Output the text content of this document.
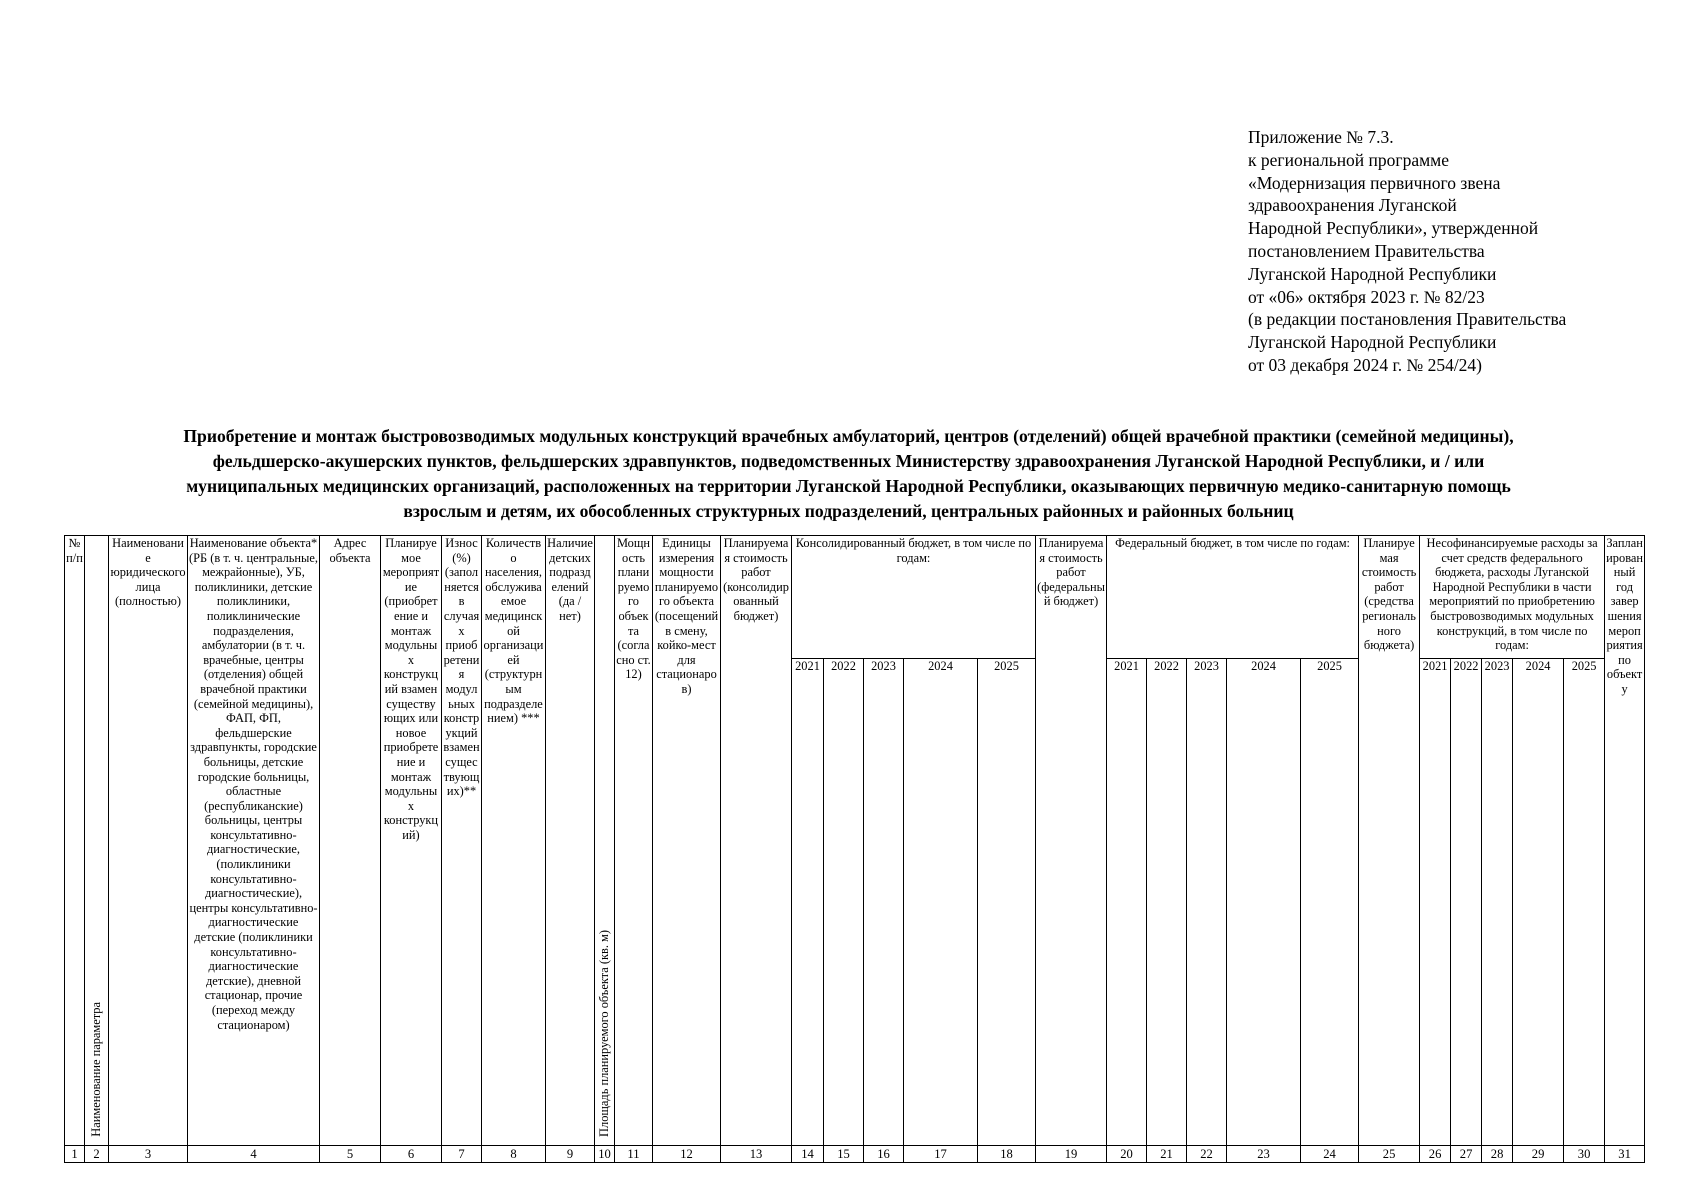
Приложение № 7.3.
к региональной программе
«Модернизация первичного звена
здравоохранения Луганской
Народной Республики», утвержденной
постановлением Правительства
Луганской Народной Республики
от «06» октября 2023 г. № 82/23
(в редакции постановления Правительства
Луганской Народной Республики
от 03 декабря 2024 г. № 254/24)
Приобретение и монтаж быстровозводимых модульных конструкций врачебных амбулаторий, центров (отделений) общей врачебной практики (семейной медицины),
фельдшерско-акушерских пунктов, фельдшерских здравпунктов, подведомственных Министерству здравоохранения Луганской Народной Республики, и / или
муниципальных медицинских организаций, расположенных на территории Луганской Народной Республики, оказывающих первичную медико-санитарную помощь
взрослым и детям, их обособленных структурных подразделений, центральных районных и районных больниц
№ п/п	Наименование параметра	Наименование юридического лица (полностью)	Наименование объекта* (РБ (в т. ч. центральные, межрайонные), УБ, поликлиники, детские поликлиники, поликлинические подразделения, амбулатории (в т. ч. врачебные, центры (отделения) общей врачебной практики (семейной медицины), ФАП, ФП, фельдшерские здравпункты, городские больницы, детские городские больницы, областные (республиканские) больницы, центры консультативно-диагностические, (поликлиники консультативно-диагностические), центры консультативно-диагностические детские (поликлиники консультативно-диагностические детские), дневной стационар, прочие (переход между стационаром)	Адрес объекта	Планируемое мероприятие (приобретение и монтаж модульных конструкций взамен существующих или новое приобретение и монтаж модульных конструкций)	Износ (%) (заполняется в случаях приобретения модульных конструкций взамен существующих)**	Количество населения, обслуживаемое медицинской организацией (структурным подразделением) ***	Наличие детских подразделений (да / нет)	Площадь планируемого объекта (кв. м)	Мощность планируемого объекта (согласно ст. 12)	Единицы измерения мощности планируемого объекта (посещений в смену, койко-мест для стационаров)	Планируемая стоимость работ (консолидированный бюджет)	Консолидированный бюджет, в том числе по годам:					Планируемая стоимость работ (федеральный бюджет)	Федеральный бюджет, в том числе по годам:					Планируемая стоимость работ (средства регионального бюджета)	Несофинансируемые расходы за счет средств федерального бюджета, расходы Луганской Народной Республики в части мероприятий по приобретению быстровозводимых модульных конструкций, в том числе по годам:					Запланированный год завершения мероприятия по объекту
													2021	2022	2023	2024	2025		2021	2022	2023	2024	2025		2021	2022	2023	2024	2025	
1	2	3	4	5	6	7	8	9	10	11	12	13	14	15	16	17	18	19	20	21	22	23	24	25	26	27	28	29	30	31
